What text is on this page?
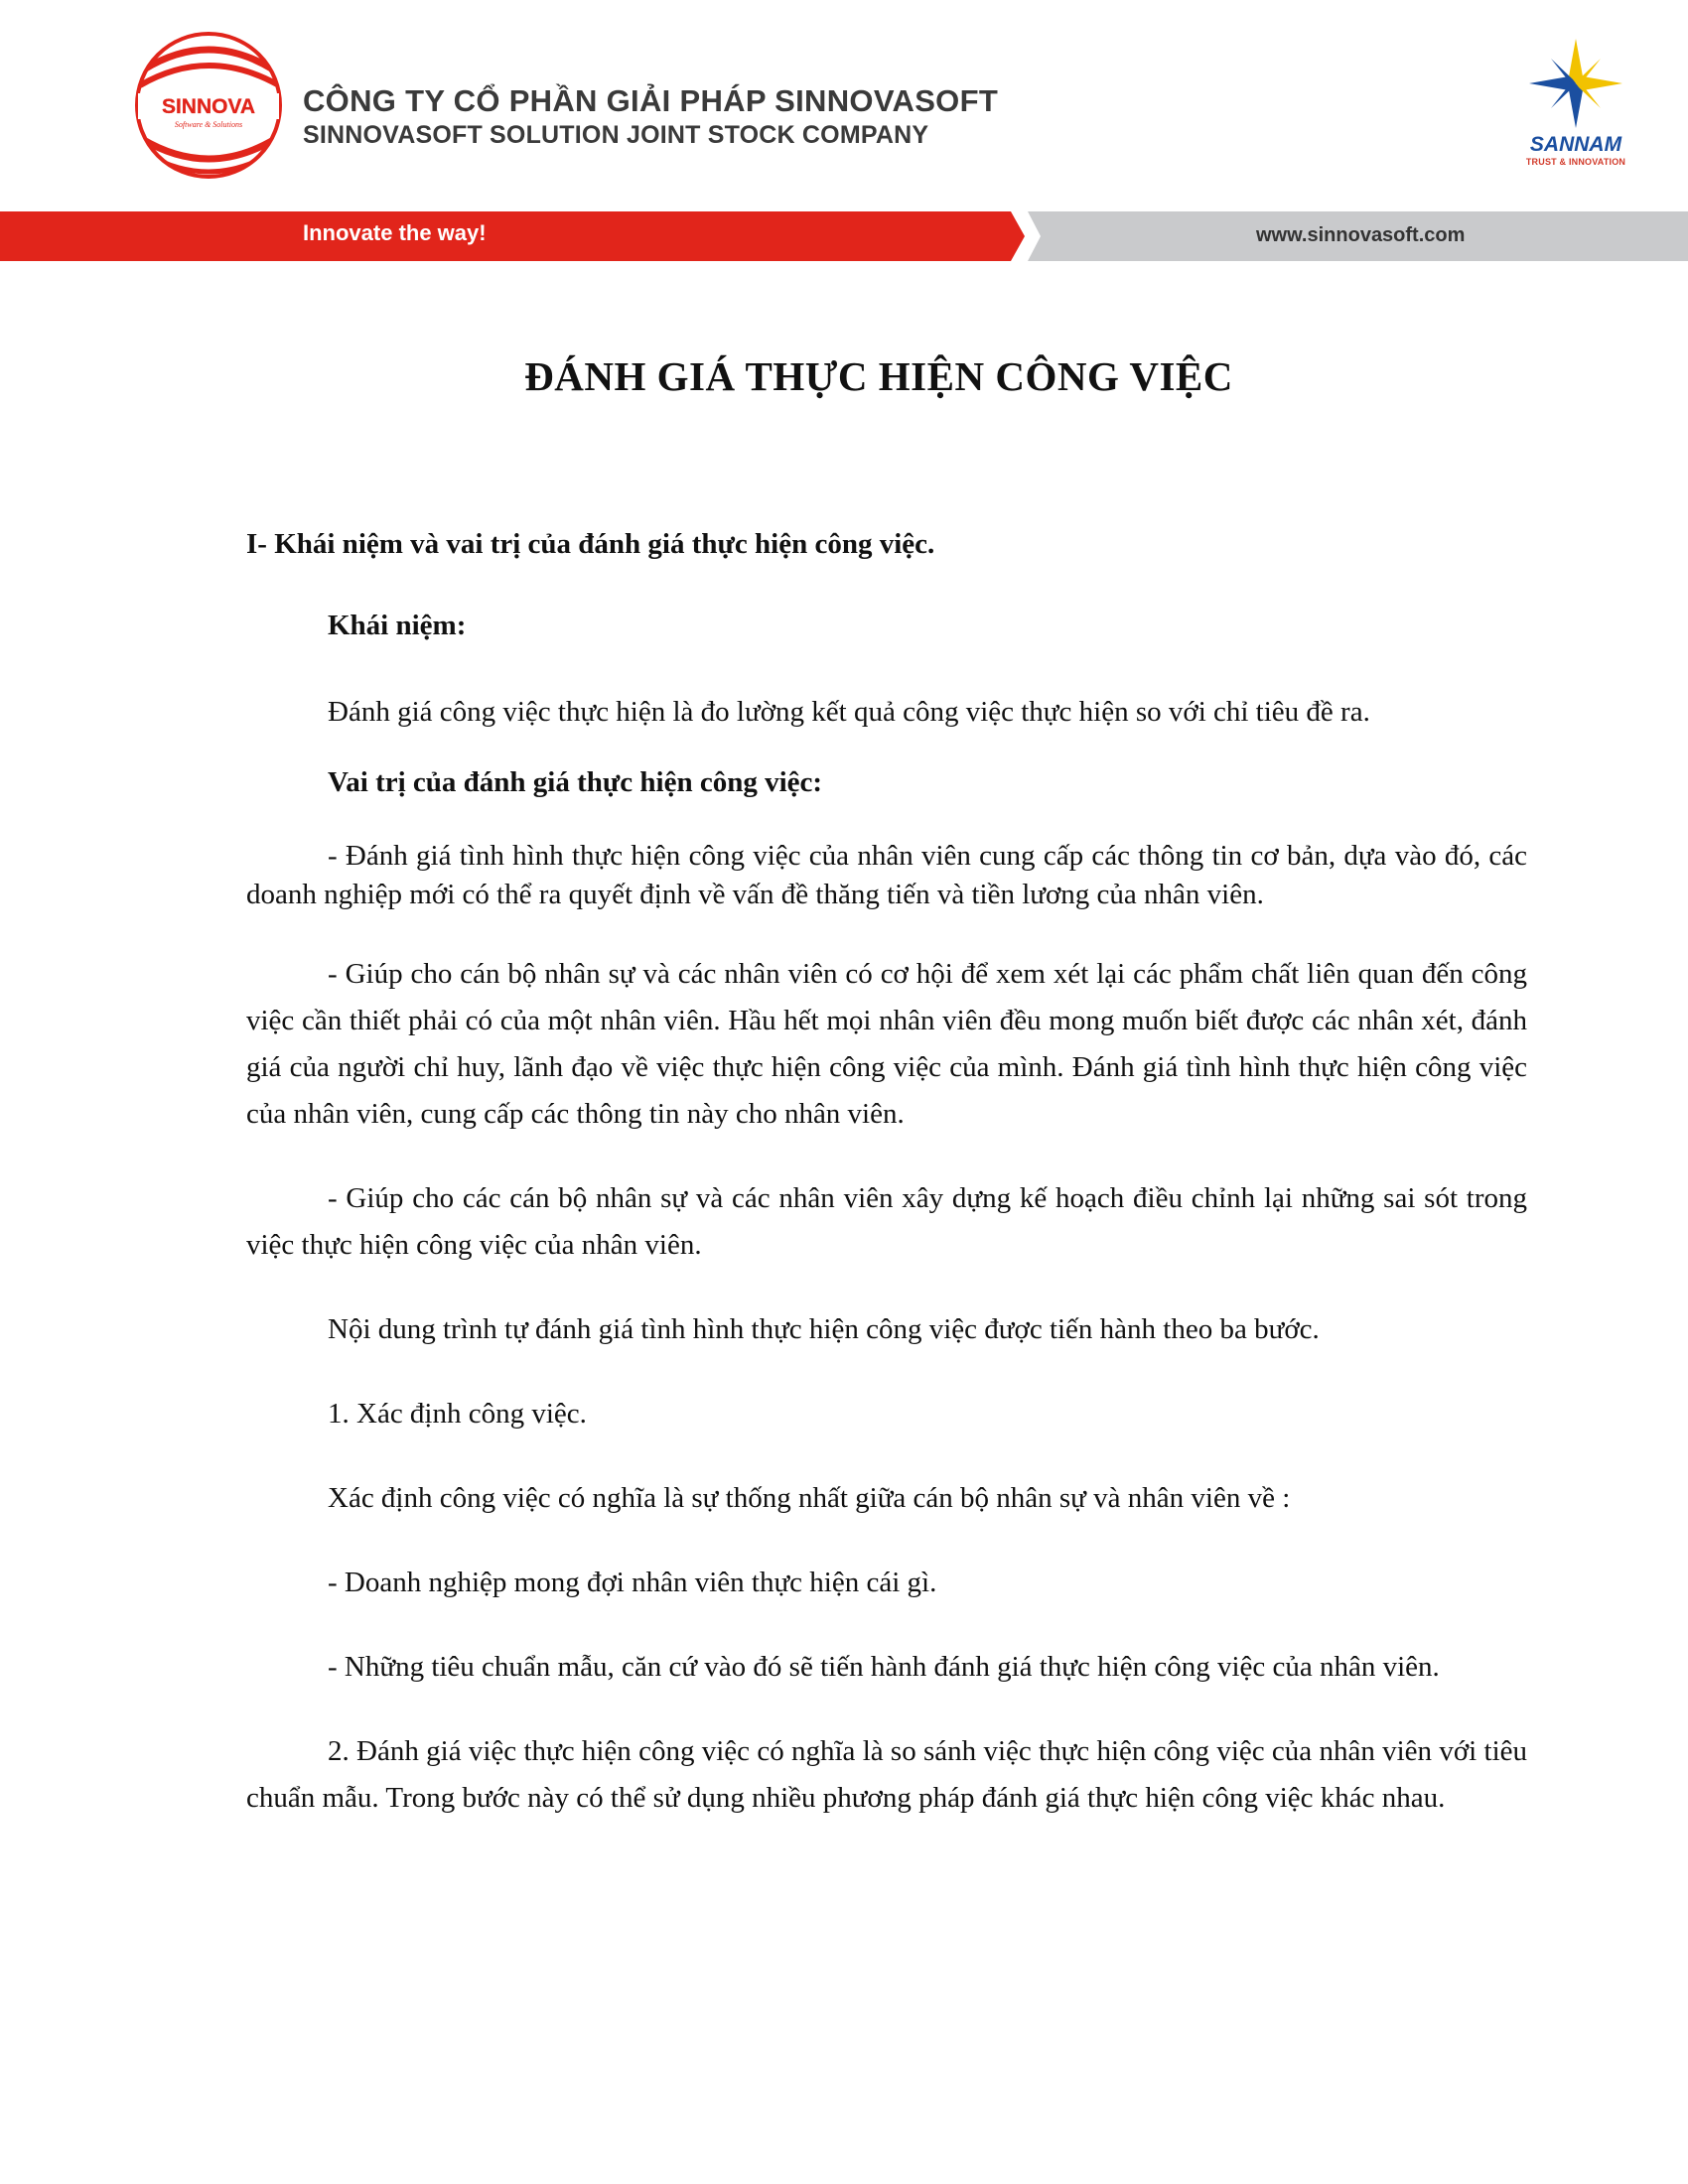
SINNOVA
Software & Solutions
CÔNG TY CỔ PHẦN GIẢI PHÁP SINNOVASOFT
SINNOVASOFT SOLUTION JOINT STOCK COMPANY	SANNAM
TRUST & INNOVATION
Innovate the way!	www.sinnovasoft.com
ĐÁNH GIÁ THỰC HIỆN CÔNG VIỆC

I- Khái niệm và vai trị của đánh giá thực hiện công việc.

Khái niệm:

Đánh giá công việc thực hiện là đo lường kết quả công việc thực hiện so với chỉ tiêu đề ra.

Vai trị của đánh giá thực hiện công việc:

- Đánh giá tình hình thực hiện công việc của nhân viên cung cấp các thông tin cơ bản, dựa vào đó, các doanh nghiệp mới có thể ra quyết định về vấn đề thăng tiến và tiền lương của nhân viên.

- Giúp cho cán bộ nhân sự và các nhân viên có cơ hội để xem xét lại các phẩm chất liên quan đến công việc cần thiết phải có của một nhân viên. Hầu hết mọi nhân viên đều mong muốn biết được các nhân xét, đánh giá của người chỉ huy, lãnh đạo về việc thực hiện công việc của mình. Đánh giá tình hình thực hiện công việc của nhân viên, cung cấp các thông tin này cho nhân viên.

- Giúp cho các cán bộ nhân sự và các nhân viên xây dựng kế hoạch điều chỉnh lại những sai sót trong việc thực hiện công việc của nhân viên.

Nội dung trình tự đánh giá tình hình thực hiện công việc được tiến hành theo ba bước.

1. Xác định công việc.

Xác định công việc có nghĩa là sự thống nhất giữa cán bộ nhân sự và nhân viên về :

- Doanh nghiệp mong đợi nhân viên thực hiện cái gì.

- Những tiêu chuẩn mẫu, căn cứ vào đó sẽ tiến hành đánh giá thực hiện công việc của nhân viên.

2. Đánh giá việc thực hiện công việc có nghĩa là so sánh việc thực hiện công việc của nhân viên với tiêu chuẩn mẫu. Trong bước này có thể sử dụng nhiều phương pháp đánh giá thực hiện công việc khác nhau.
